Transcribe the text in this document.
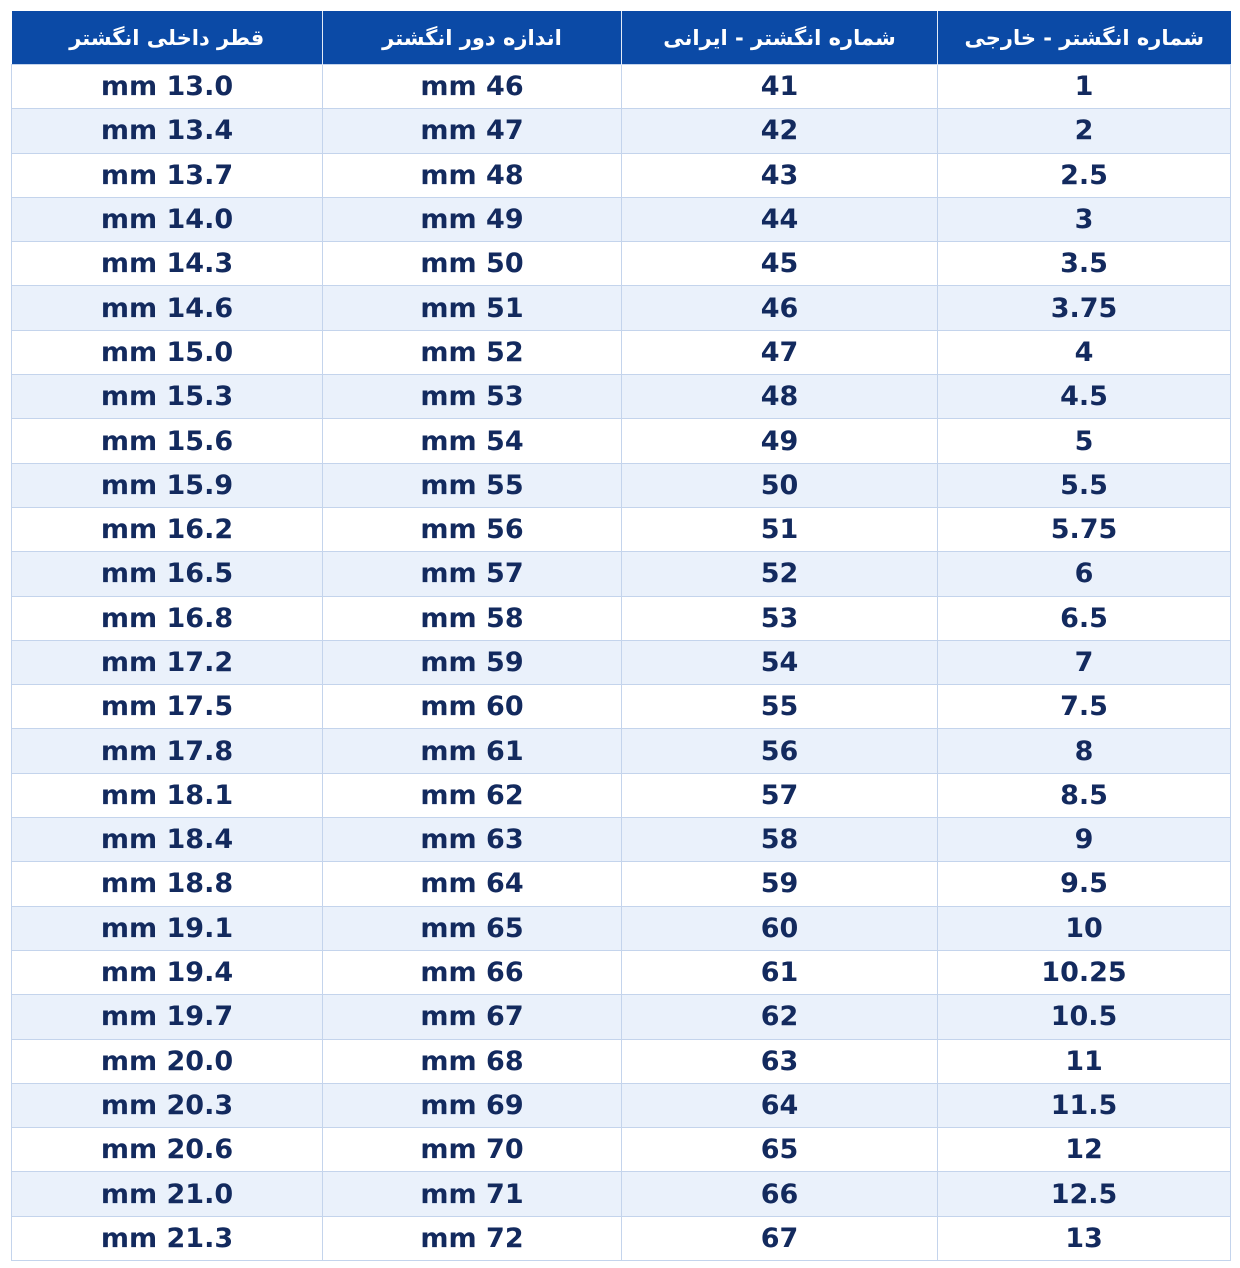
قطر داخلی انگشتر	اندازه دور انگشتر	شماره انگشتر - ایرانی	شماره انگشتر - خارجی
mm 13.0	mm 46	41	1
mm 13.4	mm 47	42	2
mm 13.7	mm 48	43	2.5
mm 14.0	mm 49	44	3
mm 14.3	mm 50	45	3.5
mm 14.6	mm 51	46	3.75
mm 15.0	mm 52	47	4
mm 15.3	mm 53	48	4.5
mm 15.6	mm 54	49	5
mm 15.9	mm 55	50	5.5
mm 16.2	mm 56	51	5.75
mm 16.5	mm 57	52	6
mm 16.8	mm 58	53	6.5
mm 17.2	mm 59	54	7
mm 17.5	mm 60	55	7.5
mm 17.8	mm 61	56	8
mm 18.1	mm 62	57	8.5
mm 18.4	mm 63	58	9
mm 18.8	mm 64	59	9.5
mm 19.1	mm 65	60	10
mm 19.4	mm 66	61	10.25
mm 19.7	mm 67	62	10.5
mm 20.0	mm 68	63	11
mm 20.3	mm 69	64	11.5
mm 20.6	mm 70	65	12
mm 21.0	mm 71	66	12.5
mm 21.3	mm 72	67	13
